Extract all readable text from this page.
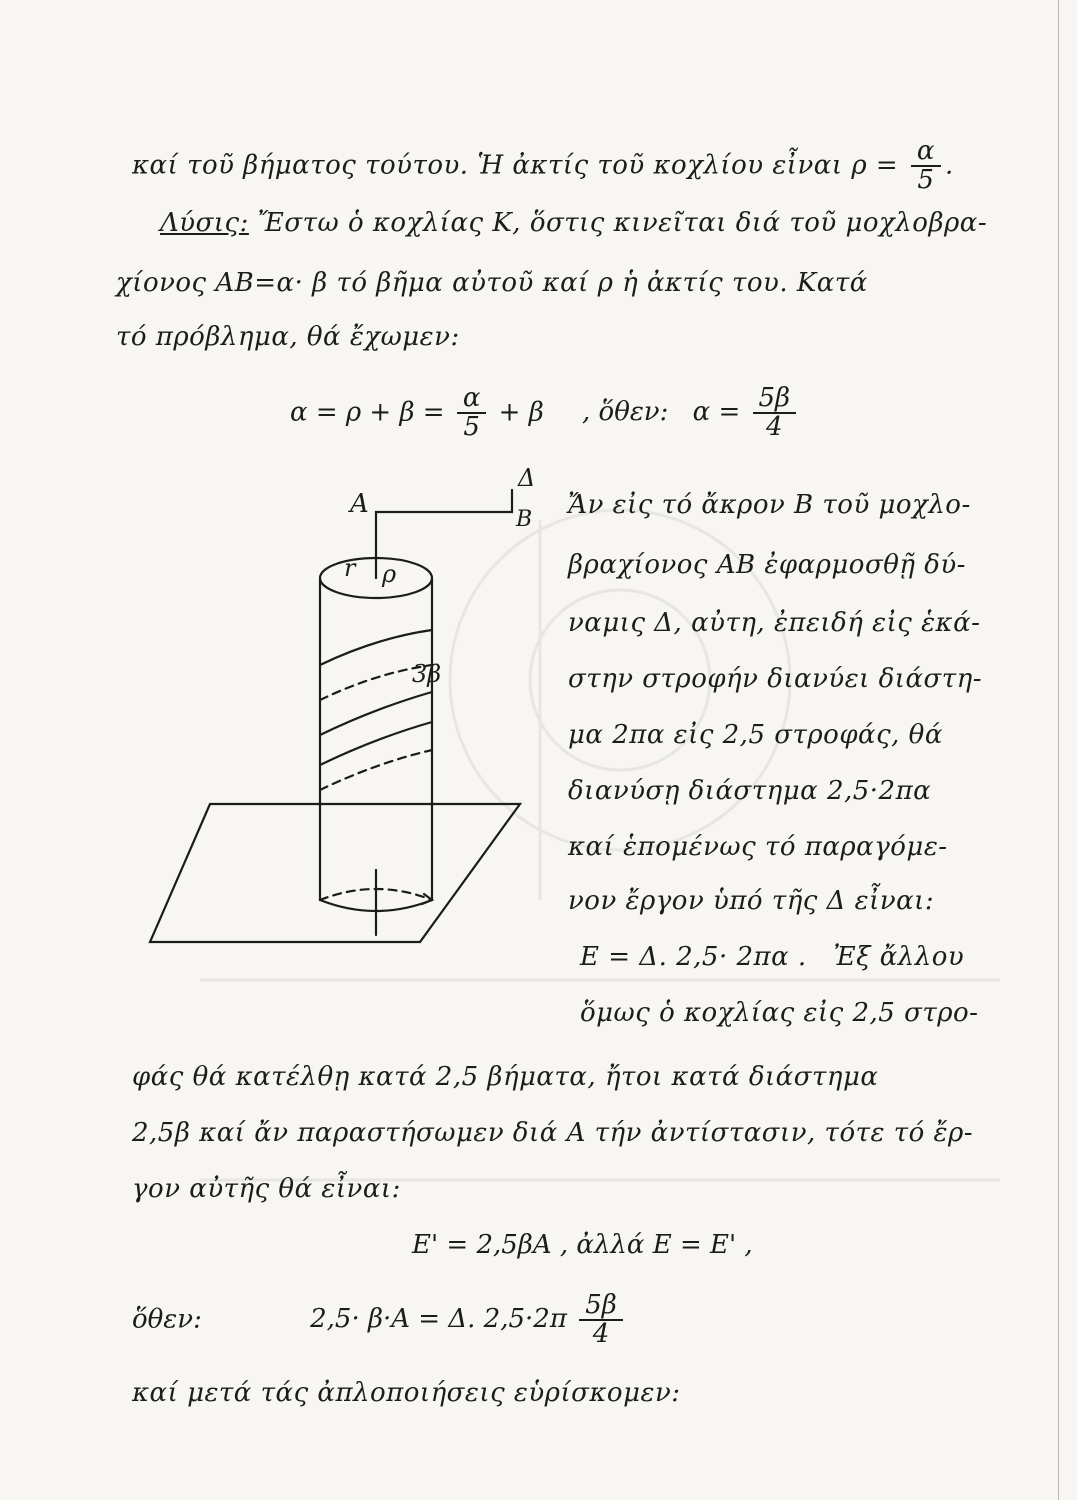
καί τοῦ βήματος τούτου. Ἡ ἀκτίς τοῦ κοχλίου εἶναι $\rho = \frac{\alpha}{5}$ .
Λύσις: Ἔστω ὁ κοχλίας Κ, ὅστις κινεῖται διά τοῦ μοχλοβρα-
χίονος ΑΒ=α· β τό βῆμα αὐτοῦ καί ρ ἡ ἀκτίς του. Κατά
τό πρόβλημα, θά ἔχωμεν:
$\alpha = \rho + \beta = \frac{\alpha}{5} + \beta$ , ὅθεν: $\alpha = \frac{5\beta}{4}$
Α
Δ
Β
r ρ
3β
Ἄν εἰς τό ἄκρον Β τοῦ μοχλο-
βραχίονος ΑΒ ἐφαρμοσθῇ δύ-
ναμις Δ, αὐτη, ἐπειδή εἰς ἑκά-
στην στροφήν διανύει διάστη-
μα 2πα εἰς 2,5 στροφάς, θά
διανύσῃ διάστημα 2,5·2πα
καί ἑπομένως τό παραγόμε-
νον ἔργον ὑπό τῆς Δ εἶναι:
Ε = Δ. 2,5· 2πα . Ἐξ ἄλλου
ὅμως ὁ κοχλίας εἰς 2,5 στρο-
φάς θά κατέλθῃ κατά 2,5 βήματα, ἤτοι κατά διάστημα
2,5β καί ἄν παραστήσωμεν διά Α τήν ἀντίστασιν, τότε τό ἔρ-
γον αὐτῆς θά εἶναι:
Ε' = 2,5βΑ , ἀλλά Ε = Ε' ,
ὅθεν:	2,5· β·Α = Δ. $2,5\cdot 2\pi \frac{5\beta}{4}$
καί μετά τάς ἀπλοποιήσεις εὑρίσκομεν:
